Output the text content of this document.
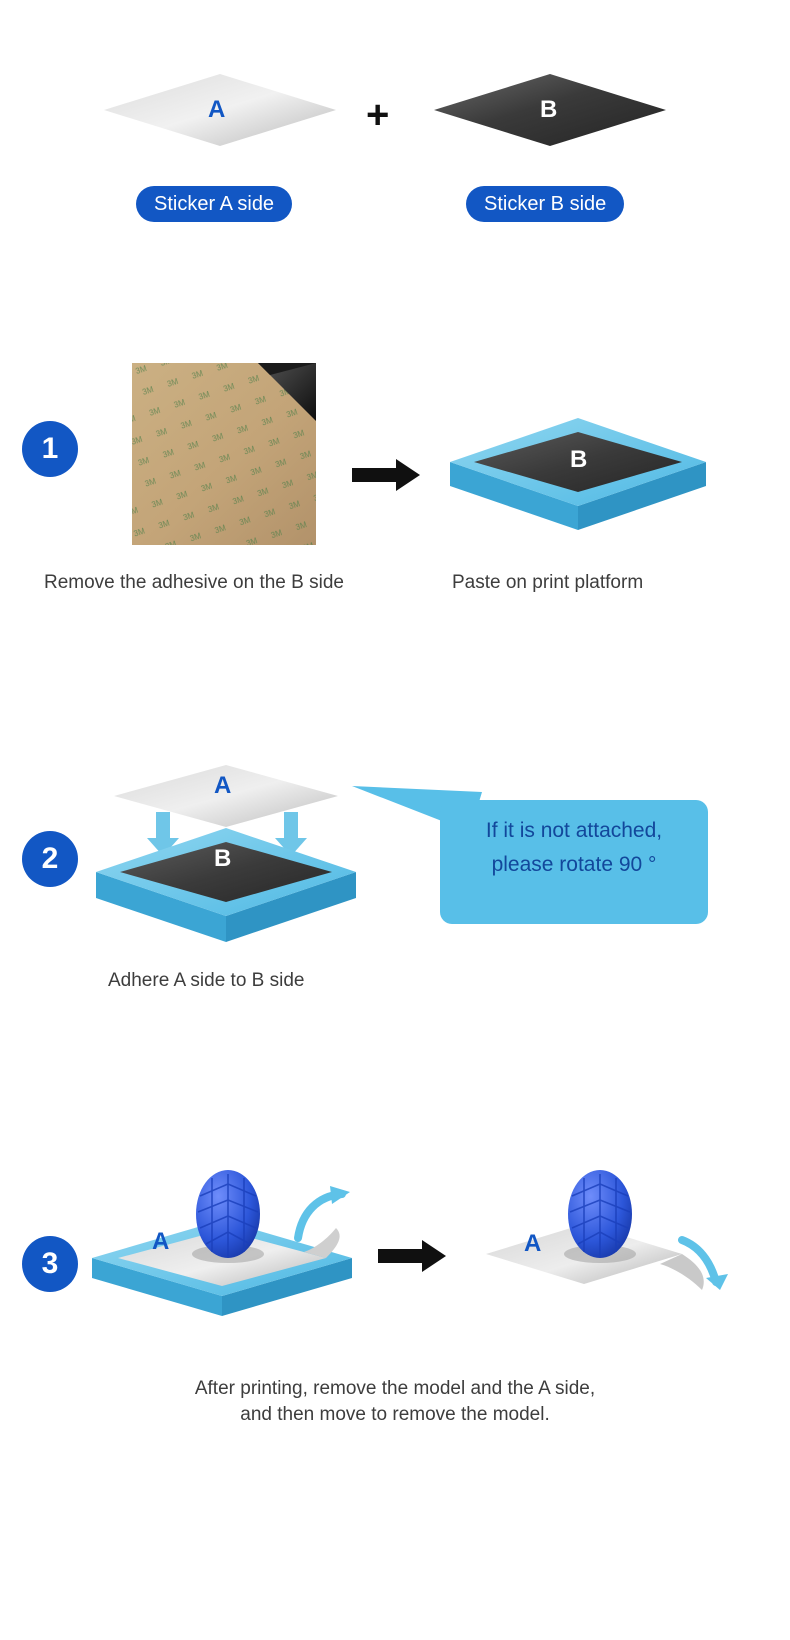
A	+	B
Sticker A side	Sticker B side
1	B
Remove the adhesive on the B side	Paste on print platform
2
A
B
If it is not attached,
please rotate 90 °
Adhere A side to B side
3
A	A
After printing, remove the model and the A side,
and then move to remove the model.
